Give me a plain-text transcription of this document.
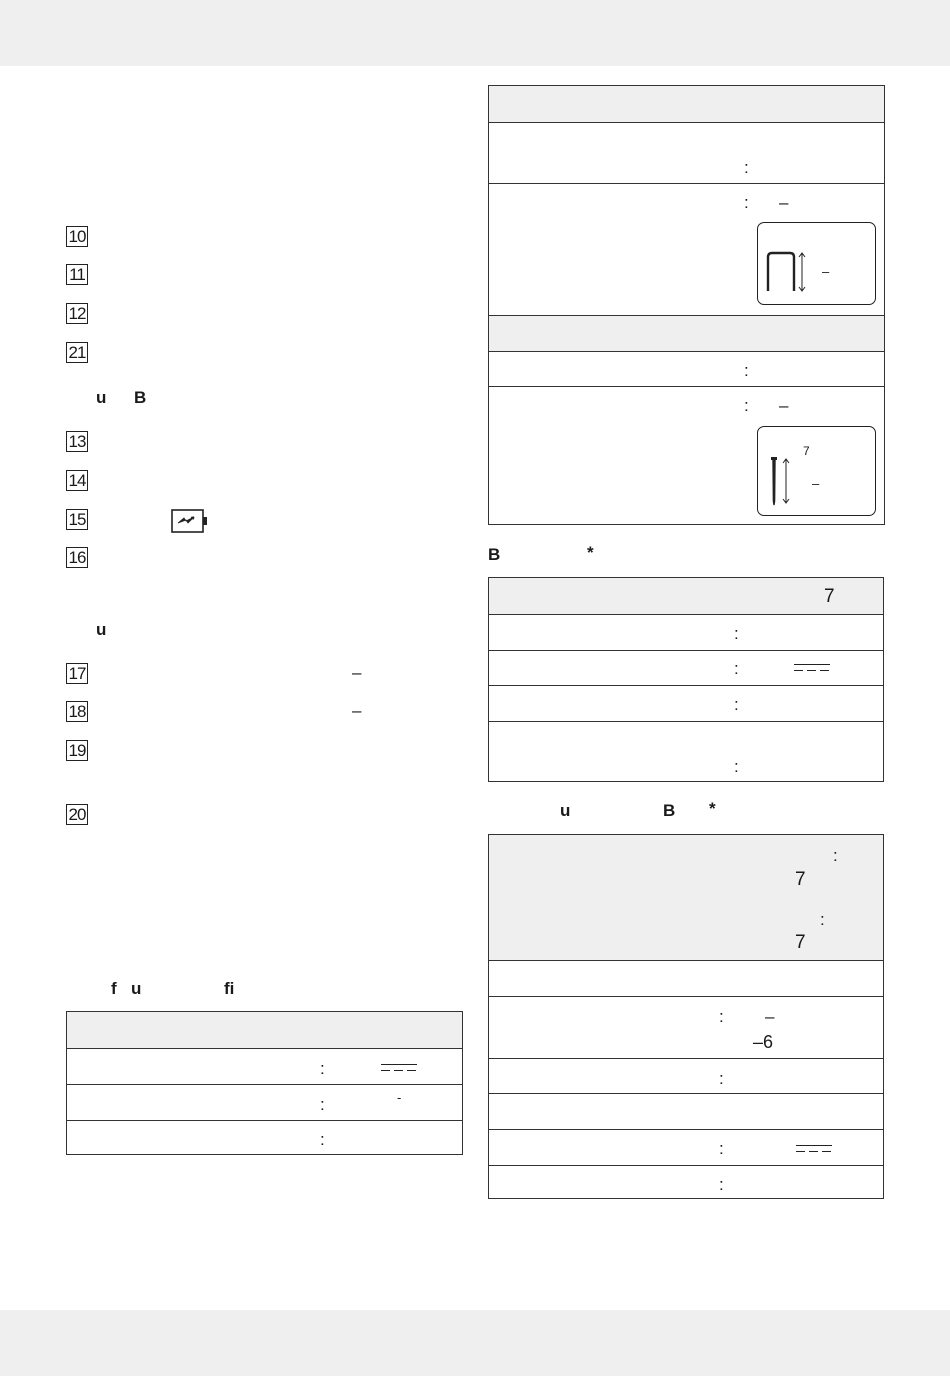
10
11
12
21
u B
13
14
15
16
u
17	–
18	–
19
20
f u	fi
:
:	-
:
:
: –
–
:
: –
7
–
B	*
7
:
:
:
:
u	B *
:
7
:
7
: –
–6
:
:
:
